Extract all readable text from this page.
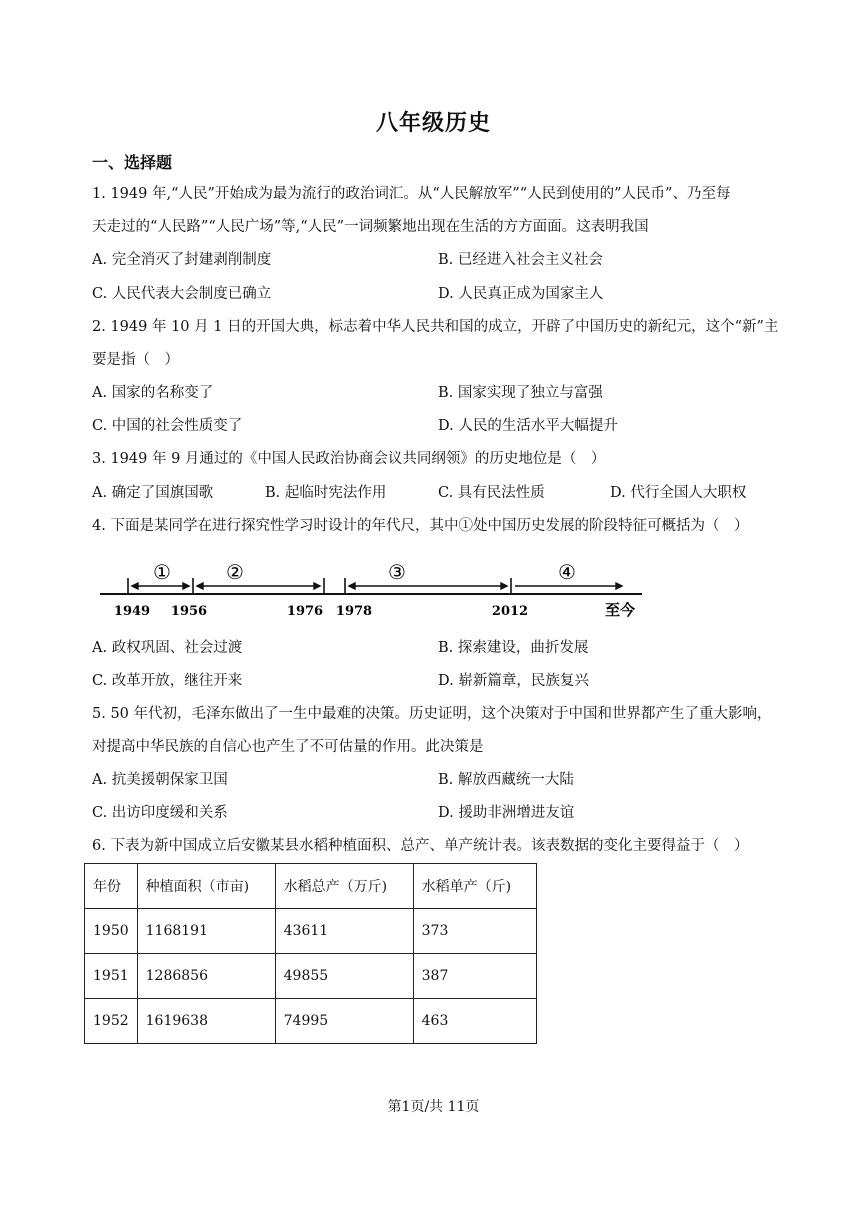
八年级历史
一、选择题
1. 1949 年,“人民”开始成为最为流行的政治词汇。从“人民解放军”“人民到使用的”人民币”、乃至每
天走过的“人民路”“人民广场”等,“人民”一词频繁地出现在生活的方方面面。这表明我国
A. 完全消灭了封建剥削制度	B. 已经进入社会主义社会
C. 人民代表大会制度已确立	D. 人民真正成为国家主人
2. 1949 年 10 月 1 日的开国大典，标志着中华人民共和国的成立，开辟了中国历史的新纪元，这个“新”主
要是指（　）
A. 国家的名称变了	B. 国家实现了独立与富强
C. 中国的社会性质变了	D. 人民的生活水平大幅提升
3. 1949 年 9 月通过的《中国人民政治协商会议共同纲领》的历史地位是（　）
A. 确定了国旗国歌	B. 起临时宪法作用	C. 具有民法性质	D. 代行全国人大职权
4. 下面是某同学在进行探究性学习时设计的年代尺，其中①处中国历史发展的阶段特征可概括为（　）
①	②	③	④
1949 1956	1976 1978	2012	至今
A. 政权巩固、社会过渡	B. 探索建设，曲折发展
C. 改革开放，继往开来	D. 崭新篇章，民族复兴
5. 50 年代初，毛泽东做出了一生中最难的决策。历史证明，这个决策对于中国和世界都产生了重大影响，
对提高中华民族的自信心也产生了不可估量的作用。此决策是
A. 抗美援朝保家卫国	B. 解放西藏统一大陆
C. 出访印度缓和关系	D. 援助非洲增进友谊
6. 下表为新中国成立后安徽某县水稻种植面积、总产、单产统计表。该表数据的变化主要得益于（　）
年份	种植面积（市亩)	水稻总产（万斤)	水稻单产（斤)
1950	1168191	43611	373
1951	1286856	49855	387
1952	1619638	74995	463
第1页/共 11页
